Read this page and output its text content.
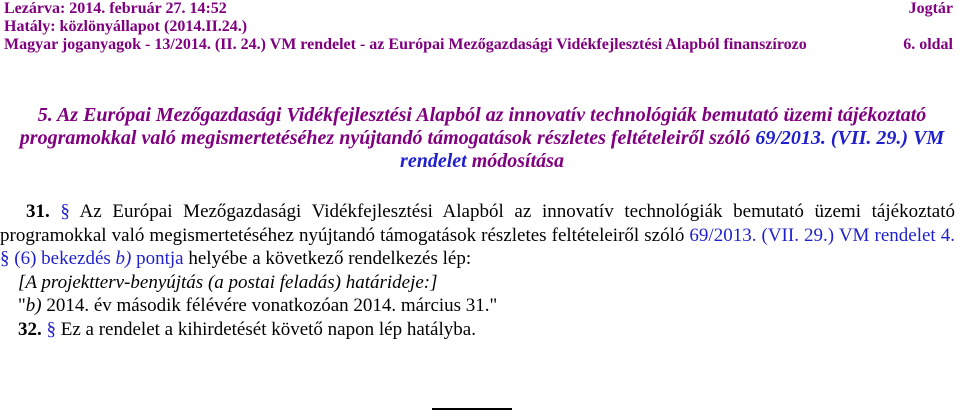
Lezárva: 2014. február 27. 14:52	Jogtár
Hatály: közlönyállapot (2014.II.24.)
Magyar joganyagok - 13/2014. (II. 24.) VM rendelet - az Európai Mezőgazdasági Vidékfejlesztési Alapból finanszírozo	6. oldal
5. Az Európai Mezőgazdasági Vidékfejlesztési Alapból az innovatív technológiák bemutató üzemi tájékoztató programokkal való megismertetéséhez nyújtandó támogatások részletes feltételeiről szóló 69/2013. (VII. 29.) VM rendelet módosítása

31. § Az Európai Mezőgazdasági Vidékfejlesztési Alapból az innovatív technológiák bemutató üzemi tájékoztató programokkal való megismertetéséhez nyújtandó támogatások részletes feltételeiről szóló 69/2013. (VII. 29.) VM rendelet 4. § (6) bekezdés b) pontja helyébe a következő rendelkezés lép:

[A projektterv-benyújtás (a postai feladás) határideje:]

"b) 2014. év második félévére vonatkozóan 2014. március 31."

32. § Ez a rendelet a kihirdetését követő napon lép hatályba.
